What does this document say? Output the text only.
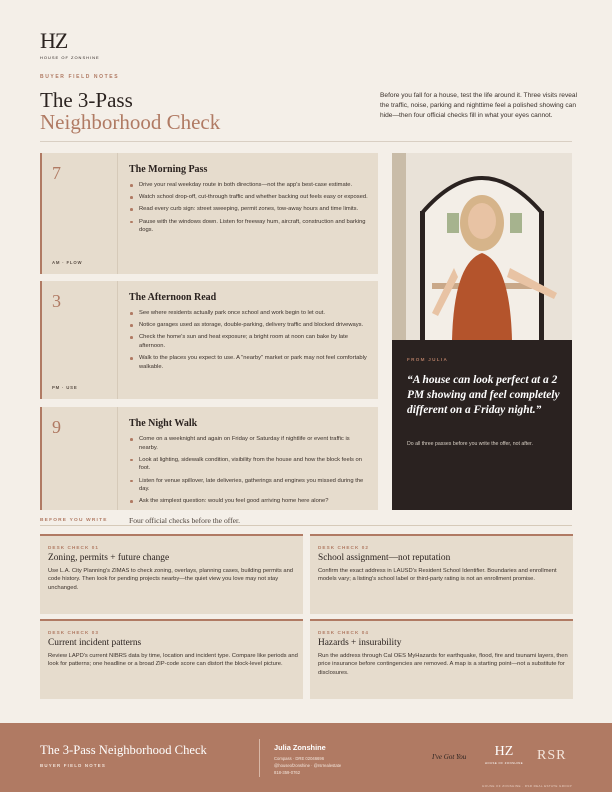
HZ
HOUSE OF ZONSHINE
BUYER FIELD NOTES
The 3-Pass
Neighborhood Check
Before you fall for a house, test the life around it. Three visits reveal the traffic, noise, parking and nighttime feel a polished showing can hide—then four official checks fill in what your eyes cannot.
7
AM · FLOW
The Morning Pass
Drive your real weekday route in both directions—not the app's best-case estimate.
Watch school drop-off, cut-through traffic and whether backing out feels easy or exposed.
Read every curb sign: street sweeping, permit zones, tow-away hours and time limits.
Pause with the windows down. Listen for freeway hum, aircraft, construction and barking dogs.
3
PM · USE
The Afternoon Read
See where residents actually park once school and work begin to let out.
Notice garages used as storage, double-parking, delivery traffic and blocked driveways.
Check the home's sun and heat exposure; a bright room at noon can bake by late afternoon.
Walk to the places you expect to use. A "nearby" market or park may not feel comfortably walkable.
9	The Night Walk
Come on a weeknight and again on Friday or Saturday if nightlife or event traffic is nearby.
Look at lighting, sidewalk condition, visibility from the house and how the block feels on foot.
Listen for venue spillover, late deliveries, gatherings and engines you missed during the day.
Ask the simplest question: would you feel good arriving home here alone?
FROM JULIA
“A house can look perfect at a 2 PM showing and feel completely different on a Friday night.”
Do all three passes before you write the offer, not after.
BEFORE YOU WRITE	Four official checks before the offer.
DESK CHECK 01
Zoning, permits + future change
Use L.A. City Planning's ZIMAS to check zoning, overlays, planning cases, building permits and code history. Then look for pending projects nearby—the quiet view you love may not stay unchanged.
DESK CHECK 02
School assignment—not reputation
Confirm the exact address in LAUSD's Resident School Identifier. Boundaries and enrollment models vary; a listing's school label or third-party rating is not an enrollment promise.
DESK CHECK 03
Current incident patterns
Review LAPD's current NIBRS data by time, location and incident type. Compare like periods and look for patterns; one headline or a broad ZIP-code score can distort the block-level picture.
DESK CHECK 04
Hazards + insurability
Run the address through Cal OES MyHazards for earthquake, flood, fire and tsunami layers, then price insurance before contingencies are removed. A map is a starting point—not a substitute for disclosures.
The 3-Pass Neighborhood Check
BUYER FIELD NOTES
Julia Zonshine
Compass · DRE 02046696
@houseofzonshine · @rsrrealestate
818-359-0762
I've Got You	HZ
HOUSE OF ZONSHINE RSR
HOUSE OF ZONSHINE · RSR REAL ESTATE GROUP
